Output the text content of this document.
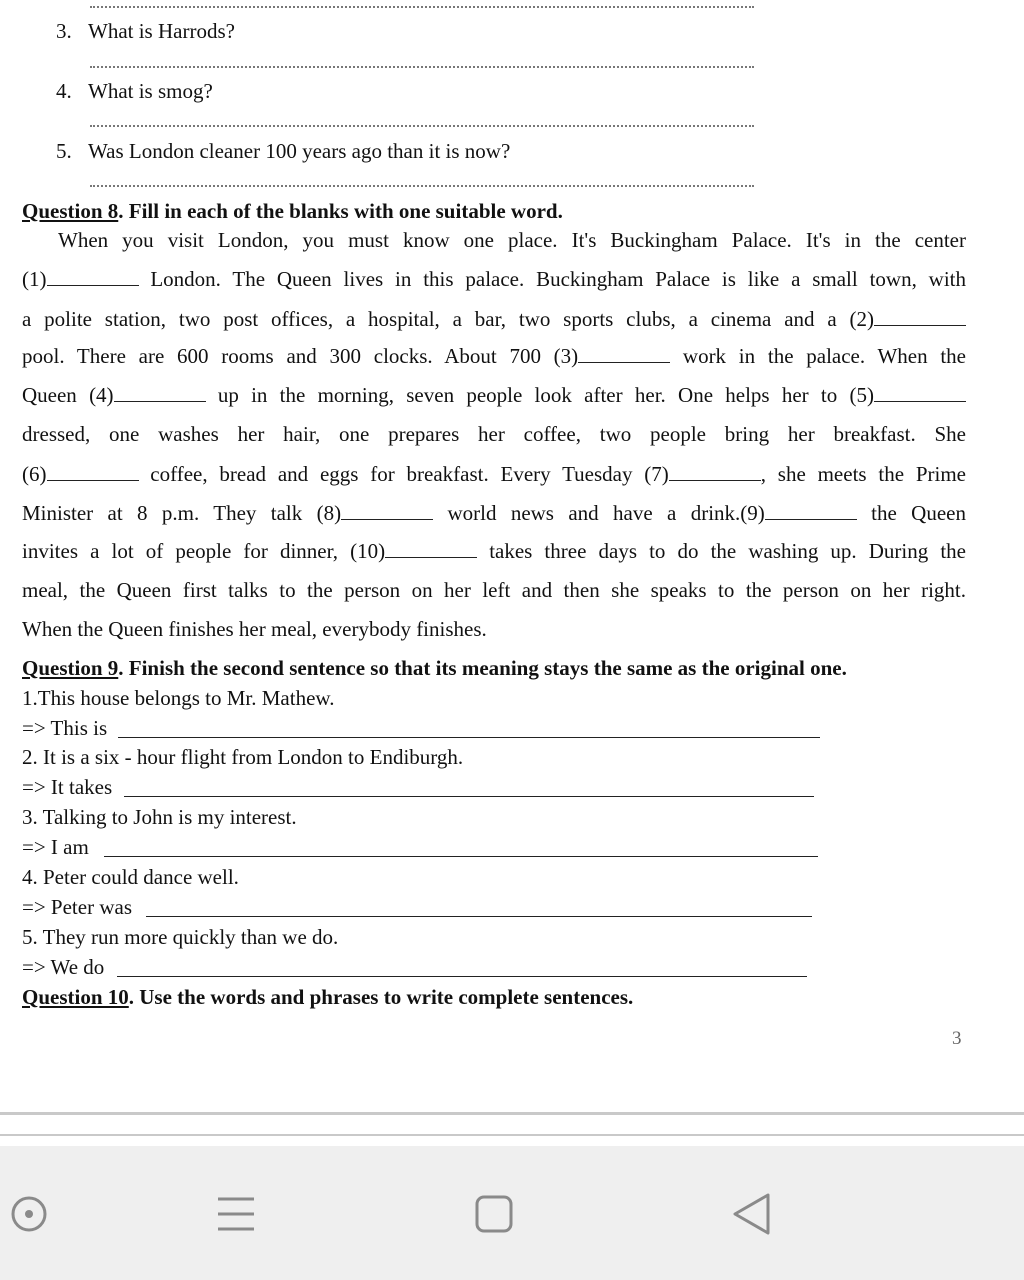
3. What is Harrods?
4. What is smog?
5. Was London cleaner 100 years ago than it is now?
Question 8. Fill in each of the blanks with one suitable word.
When you visit London, you must know one place. It's Buckingham Palace. It's in the center
(1)	London. The Queen lives in this palace. Buckingham Palace is like a small town, with
a polite station, two post offices, a hospital, a bar, two sports clubs, a cinema and a (2)
pool. There are 600 rooms and 300 clocks. About 700 (3)	work in the palace. When the
Queen (4)	up in the morning, seven people look after her. One helps her to (5)
dressed, one washes her hair, one prepares her coffee, two people bring her breakfast. She
(6)	coffee, bread and eggs for breakfast. Every Tuesday (7)	, she meets the Prime
Minister at 8 p.m. They talk (8)	world news and have a drink.(9)	the Queen
invites a lot of people for dinner, (10)	takes three days to do the washing up. During the
meal, the Queen first talks to the person on her left and then she speaks to the person on her right.
When the Queen finishes her meal, everybody finishes.
Question 9. Finish the second sentence so that its meaning stays the same as the original one.
1.This house belongs to Mr. Mathew.
=> This is
2. It is a six - hour flight from London to Endiburgh.
=> It takes
3. Talking to John is my interest.
=> I am
4. Peter could dance well.
=> Peter was
5. They run more quickly than we do.
=> We do
Question 10. Use the words and phrases to write complete sentences.
3
